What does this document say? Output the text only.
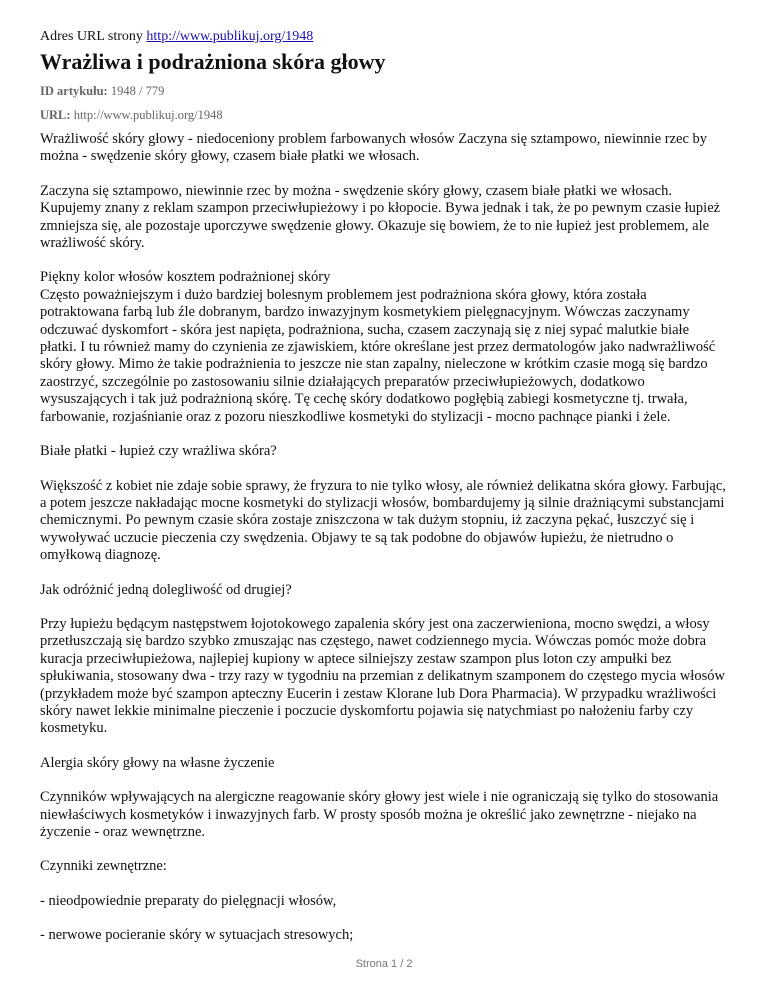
Adres URL strony http://www.publikuj.org/1948

Wrażliwa i podrażniona skóra głowy
ID artykułu: 1948 / 779
URL: http://www.publikuj.org/1948

Wrażliwość skóry głowy - niedoceniony problem farbowanych włosów Zaczyna się sztampowo, niewinnie rzec by można - swędzenie skóry głowy, czasem białe płatki we włosach.

Zaczyna się sztampowo, niewinnie rzec by można - swędzenie skóry głowy, czasem białe płatki we włosach. Kupujemy znany z reklam szampon przeciwłupieżowy i po kłopocie. Bywa jednak i tak, że po pewnym czasie łupież zmniejsza się, ale pozostaje uporczywe swędzenie głowy. Okazuje się bowiem, że to nie łupież jest problemem, ale wrażliwość skóry.

Piękny kolor włosów kosztem podrażnionej skóry
Często poważniejszym i dużo bardziej bolesnym problemem jest podrażniona skóra głowy, która została potraktowana farbą lub źle dobranym, bardzo inwazyjnym kosmetykiem pielęgnacyjnym. Wówczas zaczynamy odczuwać dyskomfort - skóra jest napięta, podrażniona, sucha, czasem zaczynają się z niej sypać malutkie białe płatki. I tu również mamy do czynienia ze zjawiskiem, które określane jest przez dermatologów jako nadwrażliwość skóry głowy. Mimo że takie podrażnienia to jeszcze nie stan zapalny, nieleczone w krótkim czasie mogą się bardzo zaostrzyć, szczególnie po zastosowaniu silnie działających preparatów przeciwłupieżowych, dodatkowo wysuszających i tak już podrażnioną skórę. Tę cechę skóry dodatkowo pogłębią zabiegi kosmetyczne tj. trwała, farbowanie, rozjaśnianie oraz z pozoru nieszkodliwe kosmetyki do stylizacji - mocno pachnące pianki i żele.

Białe płatki - łupież czy wrażliwa skóra?

Większość z kobiet nie zdaje sobie sprawy, że fryzura to nie tylko włosy, ale również delikatna skóra głowy. Farbując, a potem jeszcze nakładając mocne kosmetyki do stylizacji włosów, bombardujemy ją silnie drażniącymi substancjami chemicznymi. Po pewnym czasie skóra zostaje zniszczona w tak dużym stopniu, iż zaczyna pękać, łuszczyć się i wywoływać uczucie pieczenia czy swędzenia. Objawy te są tak podobne do objawów łupieżu, że nietrudno o omyłkową diagnozę.

Jak odróżnić jedną dolegliwość od drugiej?

Przy łupieżu będącym następstwem łojotokowego zapalenia skóry jest ona zaczerwieniona, mocno swędzi, a włosy przetłuszczają się bardzo szybko zmuszając nas częstego, nawet codziennego mycia. Wówczas pomóc może dobra kuracja przeciwłupieżowa, najlepiej kupiony w aptece silniejszy zestaw szampon plus loton czy ampułki bez spłukiwania, stosowany dwa - trzy razy w tygodniu na przemian z delikatnym szamponem do częstego mycia włosów (przykładem może być szampon apteczny Eucerin i zestaw Klorane lub Dora Pharmacia). W przypadku wrażliwości skóry nawet lekkie minimalne pieczenie i poczucie dyskomfortu pojawia się natychmiast po nałożeniu farby czy kosmetyku.

Alergia skóry głowy na własne życzenie

Czynników wpływających na alergiczne reagowanie skóry głowy jest wiele i nie ograniczają się tylko do stosowania niewłaściwych kosmetyków i inwazyjnych farb. W prosty sposób można je określić jako zewnętrzne - niejako na życzenie - oraz wewnętrzne.

Czynniki zewnętrzne:

- nieodpowiednie preparaty do pielęgnacji włosów,

- nerwowe pocieranie skóry w sytuacjach stresowych;

Strona 1 / 2
